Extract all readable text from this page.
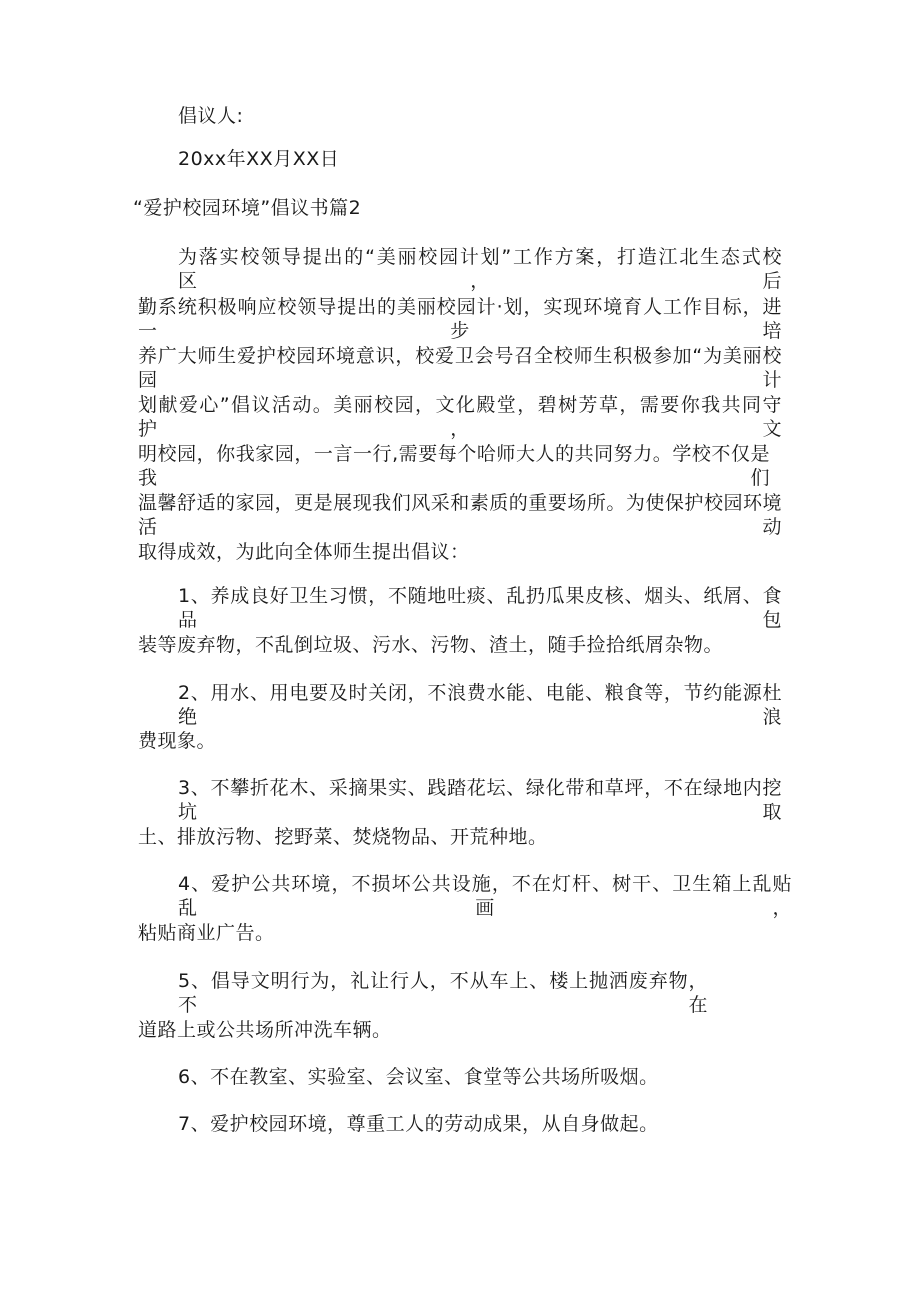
倡议人:
20xx年XX月XX日
“爱护校园环境”倡议书篇2
为落实校领导提出的“美丽校园计划”工作方案，打造江北生态式校区，后
勤系统积极响应校领导提出的美丽校园计·划，实现环境育人工作目标，进一步培
养广大师生爱护校园环境意识，校爱卫会号召全校师生积极参加“为美丽校园计
划献爱心”倡议活动。美丽校园，文化殿堂，碧树芳草，需要你我共同守护，文
明校园，你我家园，一言一行,需要每个哈师大人的共同努力。学校不仅是我们
温馨舒适的家园，更是展现我们风采和素质的重要场所。为使保护校园环境活动
取得成效，为此向全体师生提出倡议：
1、养成良好卫生习惯，不随地吐痰、乱扔瓜果皮核、烟头、纸屑、食品包
装等废弃物，不乱倒垃圾、污水、污物、渣土，随手捡拾纸屑杂物。
2、用水、用电要及时关闭，不浪费水能、电能、粮食等，节约能源杜绝浪
费现象。
3、不攀折花木、采摘果实、践踏花坛、绿化带和草坪，不在绿地内挖坑取
土、排放污物、挖野菜、焚烧物品、开荒种地。
4、爱护公共环境，不损坏公共设施，不在灯杆、树干、卫生箱上乱贴乱画，
粘贴商业广告。
5、倡导文明行为，礼让行人，不从车上、楼上抛洒废弃物，不在
道路上或公共场所冲洗车辆。
6、不在教室、实验室、会议室、食堂等公共场所吸烟。
7、爱护校园环境，尊重工人的劳动成果，从自身做起。
